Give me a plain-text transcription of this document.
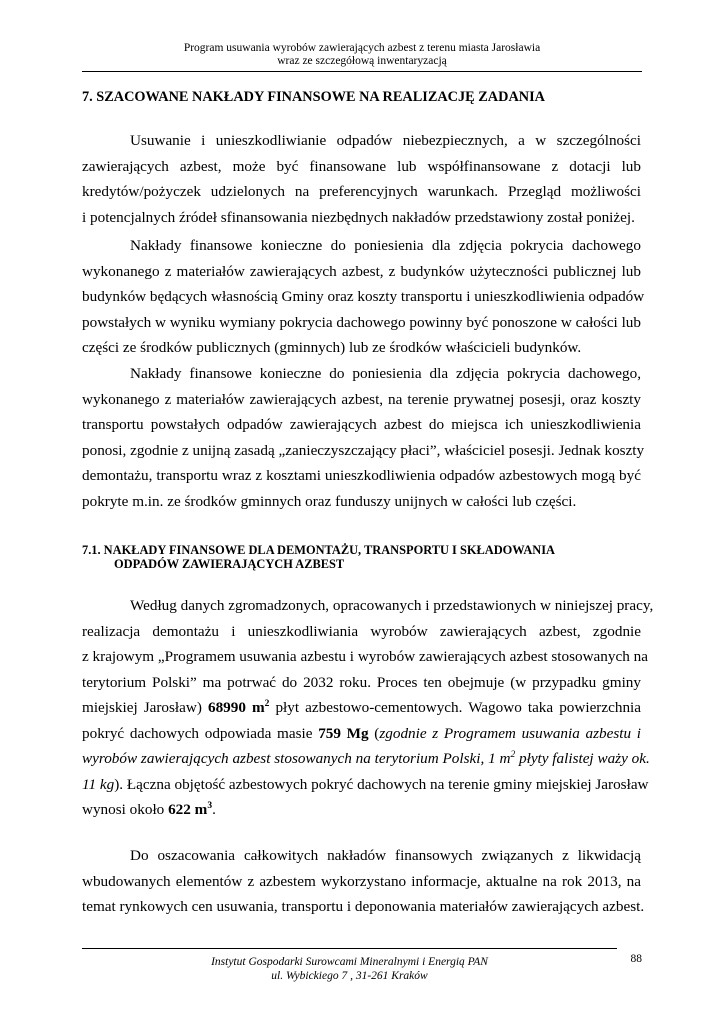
Program usuwania wyrobów zawierających azbest z terenu miasta Jarosławia
wraz ze szczegółową inwentaryzacją
7. SZACOWANE NAKŁADY FINANSOWE NA REALIZACJĘ ZADANIA

Usuwanie i unieszkodliwianie odpadów niebezpiecznych, a w szczególności
zawierających azbest, może być finansowane lub współfinansowane z dotacji lub
kredytów/pożyczek udzielonych na preferencyjnych warunkach. Przegląd możliwości
i potencjalnych źródeł sfinansowania niezbędnych nakładów przedstawiony został poniżej.

Nakłady finansowe konieczne do poniesienia dla zdjęcia pokrycia dachowego
wykonanego z materiałów zawierających azbest, z budynków użyteczności publicznej lub
budynków będących własnością Gminy oraz koszty transportu i unieszkodliwienia odpadów
powstałych w wyniku wymiany pokrycia dachowego powinny być ponoszone w całości lub
części ze środków publicznych (gminnych) lub ze środków właścicieli budynków.

Nakłady finansowe konieczne do poniesienia dla zdjęcia pokrycia dachowego,
wykonanego z materiałów zawierających azbest, na terenie prywatnej posesji, oraz koszty
transportu powstałych odpadów zawierających azbest do miejsca ich unieszkodliwienia
ponosi, zgodnie z unijną zasadą „zanieczyszczający płaci”, właściciel posesji. Jednak koszty
demontażu, transportu wraz z kosztami unieszkodliwienia odpadów azbestowych mogą być
pokryte m.in. ze środków gminnych oraz funduszy unijnych w całości lub części.

7.1. NAKŁADY FINANSOWE DLA DEMONTAŻU, TRANSPORTU I SKŁADOWANIA
ODPADÓW ZAWIERAJĄCYCH AZBEST

Według danych zgromadzonych, opracowanych i przedstawionych w niniejszej pracy,
realizacja demontażu i unieszkodliwiania wyrobów zawierających azbest, zgodnie
z krajowym „Programem usuwania azbestu i wyrobów zawierających azbest stosowanych na
terytorium Polski” ma potrwać do 2032 roku. Proces ten obejmuje (w przypadku gminy
miejskiej Jarosław) 68990 $m^2$ płyt azbestowo-cementowych. Wagowo taka powierzchnia
pokryć dachowych odpowiada masie 759 Mg (zgodnie z Programem usuwania azbestu i
wyrobów zawierających azbest stosowanych na terytorium Polski, 1 $m^2$ płyty falistej waży ok.
11 kg). Łączna objętość azbestowych pokryć dachowych na terenie gminy miejskiej Jarosław
wynosi około 622 $m^3$.

Do oszacowania całkowitych nakładów finansowych związanych z likwidacją
wbudowanych elementów z azbestem wykorzystano informacje, aktualne na rok 2013, na
temat rynkowych cen usuwania, transportu i deponowania materiałów zawierających azbest.

Instytut Gospodarki Surowcami Mineralnymi i Energią PAN
ul. Wybickiego 7 , 31-261 Kraków
88
